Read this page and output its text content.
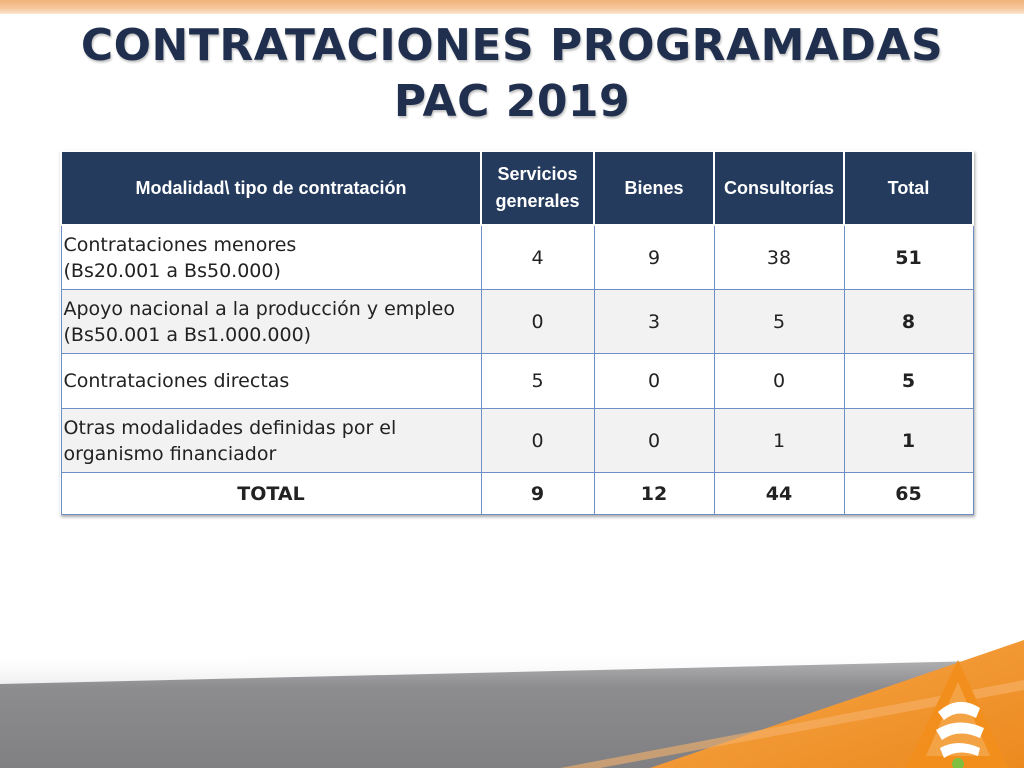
CONTRATACIONES PROGRAMADAS
PAC 2019
Modalidad\ tipo de contratación	Servicios generales	Bienes	Consultorías	Total

Contrataciones menores
(Bs20.001 a Bs50.000)	4	9	38	51

Apoyo nacional a la producción y empleo
(Bs50.001 a Bs1.000.000)	0	3	5	8

Contrataciones directas	5	0	0	5

Otras modalidades definidas por el
organismo financiador	0	0	1	1
TOTAL	9	12	44	65
